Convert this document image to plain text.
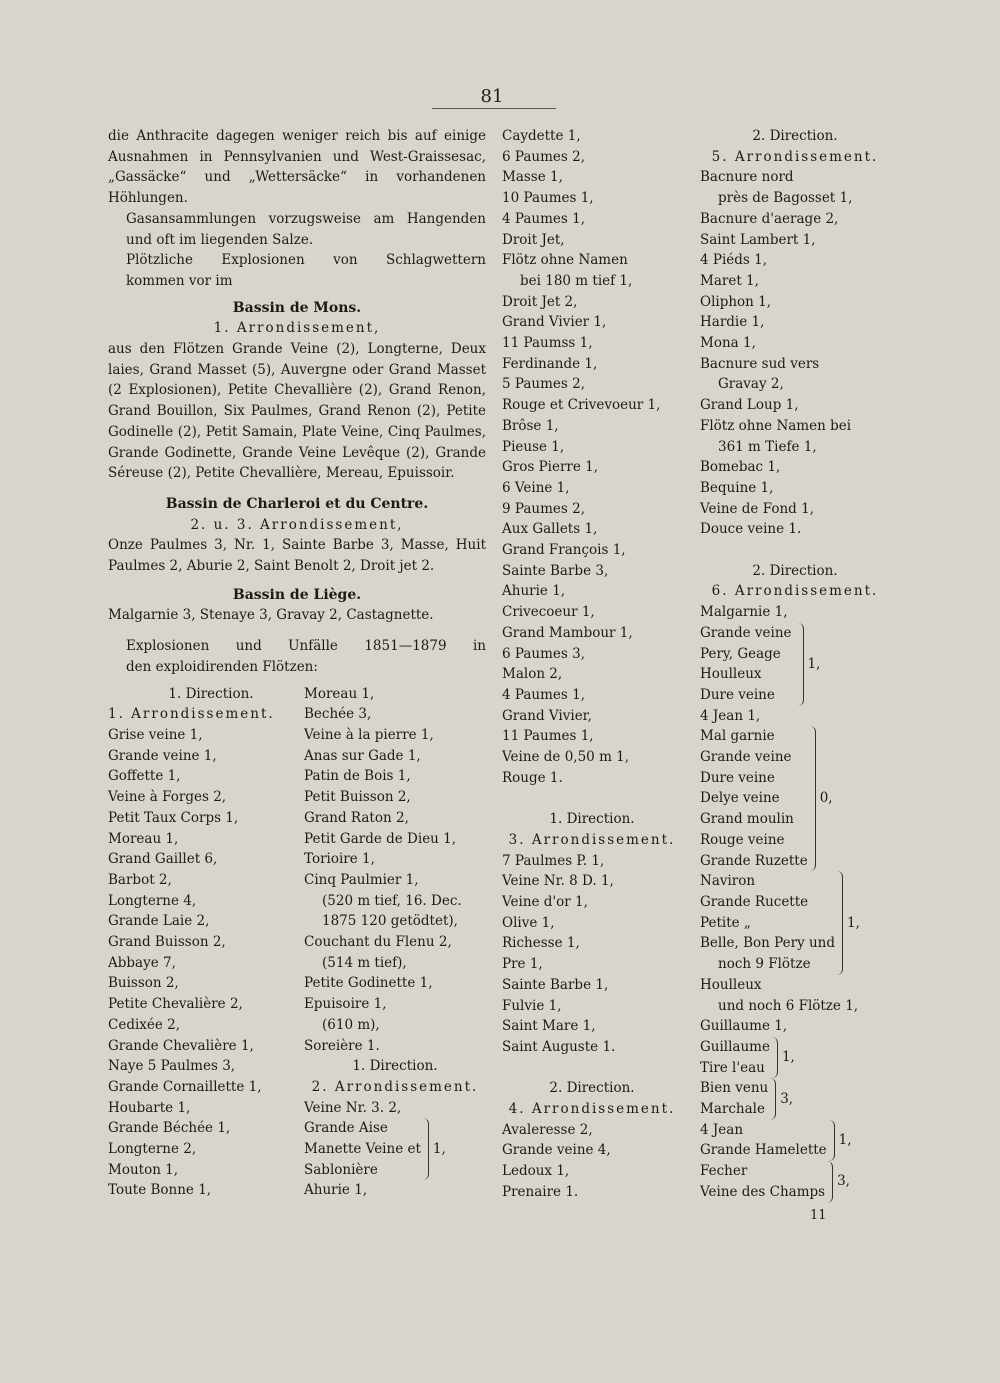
81
die Anthracite dagegen weniger reich bis auf einige
Ausnahmen in Pennsylvanien und West-Graissesac,
„Gassäcke“ und „Wettersäcke“ in vorhandenen
Höhlungen.
Gasansammlungen vorzugsweise am Hangenden
und oft im liegenden Salze.
Plötzliche Explosionen von Schlagwettern
kommen vor im
Bassin de Mons.
1. Arrondissement,
aus den Flötzen Grande Veine (2), Longterne, Deux
laies, Grand Masset (5), Auvergne oder Grand Masset
(2 Explosionen), Petite Chevallière (2), Grand Renon,
Grand Bouillon, Six Paulmes, Grand Renon (2), Petite
Godinelle (2), Petit Samain, Plate Veine, Cinq Paulmes,
Grande Godinette, Grande Veine Levêque (2), Grande
Séreuse (2), Petite Chevallière, Mereau, Epuissoir.
Bassin de Charleroi et du Centre.
2. u. 3. Arrondissement,
Onze Paulmes 3, Nr. 1, Sainte Barbe 3, Masse, Huit
Paulmes 2, Aburie 2, Saint Benolt 2, Droit jet 2.
Bassin de Liège.
Malgarnie 3, Stenaye 3, Gravay 2, Castagnette.
Explosionen und Unfälle 1851—1879 in
den exploidirenden Flötzen:
1. Direction.
1. Arrondissement.
Grise veine 1,
Grande veine 1,
Goffette 1,
Veine à Forges 2,
Petit Taux Corps 1,
Moreau 1,
Grand Gaillet 6,
Barbot 2,
Longterne 4,
Grande Laie 2,
Grand Buisson 2,
Abbaye 7,
Buisson 2,
Petite Chevalière 2,
Cedixée 2,
Grande Chevalière 1,
Naye 5 Paulmes 3,
Grande Cornaillette 1,
Houbarte 1,
Grande Béchée 1,
Longterne 2,
Mouton 1,
Toute Bonne 1,
Moreau 1,
Bechée 3,
Veine à la pierre 1,
Anas sur Gade 1,
Patin de Bois 1,
Petit Buisson 2,
Grand Raton 2,
Petit Garde de Dieu 1,
Torioire 1,
Cinq Paulmier 1,
(520 m tief, 16. Dec.
1875 120 getödtet),
Couchant du Flenu 2,
(514 m tief),
Petite Godinette 1,
Epuisoire 1,
(610 m),
Soreière 1.
1. Direction.
2. Arrondissement.
Veine Nr. 3. 2,
Grande Aise
Manette Veine et
Sablonière
1,
Ahurie 1,
Caydette 1,
6 Paumes 2,
Masse 1,
10 Paumes 1,
4 Paumes 1,
Droit Jet,
Flötz ohne Namen
bei 180 m tief 1,
Droit Jet 2,
Grand Vivier 1,
11 Paumss 1,
Ferdinande 1,
5 Paumes 2,
Rouge et Crivevoeur 1,
Brôse 1,
Pieuse 1,
Gros Pierre 1,
6 Veine 1,
9 Paumes 2,
Aux Gallets 1,
Grand François 1,
Sainte Barbe 3,
Ahurie 1,
Crivecoeur 1,
Grand Mambour 1,
6 Paumes 3,
Malon 2,
4 Paumes 1,
Grand Vivier,
11 Paumes 1,
Veine de 0,50 m 1,
Rouge 1.
1. Direction.
3. Arrondissement.
7 Paulmes P. 1,
Veine Nr. 8 D. 1,
Veine d'or 1,
Olive 1,
Richesse 1,
Pre 1,
Sainte Barbe 1,
Fulvie 1,
Saint Mare 1,
Saint Auguste 1.
2. Direction.
4. Arrondissement.
Avaleresse 2,
Grande veine 4,
Ledoux 1,
Prenaire 1.
2. Direction.
5. Arrondissement.
Bacnure nord
près de Bagosset 1,
Bacnure d'aerage 2,
Saint Lambert 1,
4 Piéds 1,
Maret 1,
Oliphon 1,
Hardie 1,
Mona 1,
Bacnure sud vers
Gravay 2,
Grand Loup 1,
Flötz ohne Namen bei
361 m Tiefe 1,
Bomebac 1,
Bequine 1,
Veine de Fond 1,
Douce veine 1.
2. Direction.
6. Arrondissement.
Malgarnie 1,
Grande veine
Pery, Geage
Houlleux
Dure veine
1,
4 Jean 1,
Mal garnie
Grande veine
Dure veine
Delye veine
Grand moulin
Rouge veine
Grande Ruzette
0,
Naviron
Grande Rucette
Petite „
Belle, Bon Pery und
noch 9 Flötze
1,
Houlleux
und noch 6 Flötze 1,
Guillaume 1,
Guillaume
Tire l'eau
1,
Bien venu
Marchale
3,
4 Jean
Grande Hamelette
1,
Fecher
Veine des Champs
3,
11
